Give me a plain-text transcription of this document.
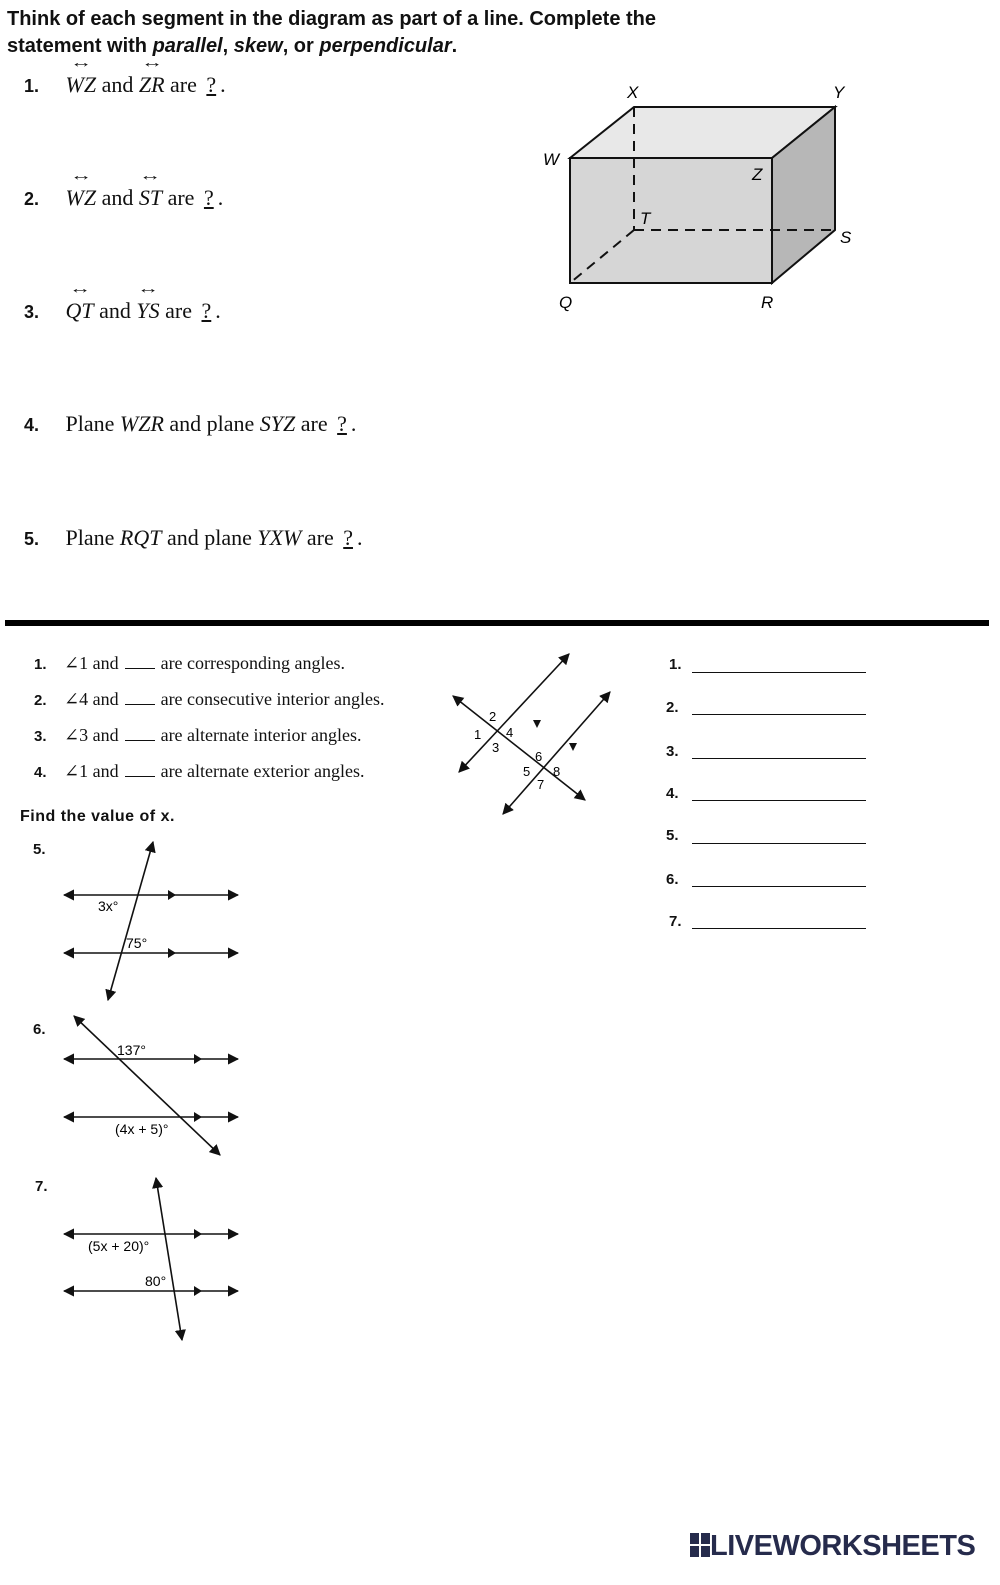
Think of each segment in the diagram as part of a line. Complete the
statement with parallel, skew, or perpendicular.
1. ↔ WZ and ↔ ZR are ? .
2. ↔ WZ and ↔ ST are ? .
3. ↔ QT and ↔ YS are ? .
4. Plane WZR and plane SYZ are ? .
5. Plane RQT and plane YXW are ? .
X	Y
W
Z
T
S
Q	R
1. ∠1 and are corresponding angles.
2. ∠4 and are consecutive interior angles.
3. ∠3 and are alternate interior angles.
4. ∠1 and are alternate exterior angles.
1
2
3
4
5
6
7
8
1.
2.
3.
4.
5.
6.
7.
Find the value of x.
5.
3x°
75°
6.
137°
(4x + 5)°
7.
(5x + 20)°
80°
LIVEWORKSHEETS
